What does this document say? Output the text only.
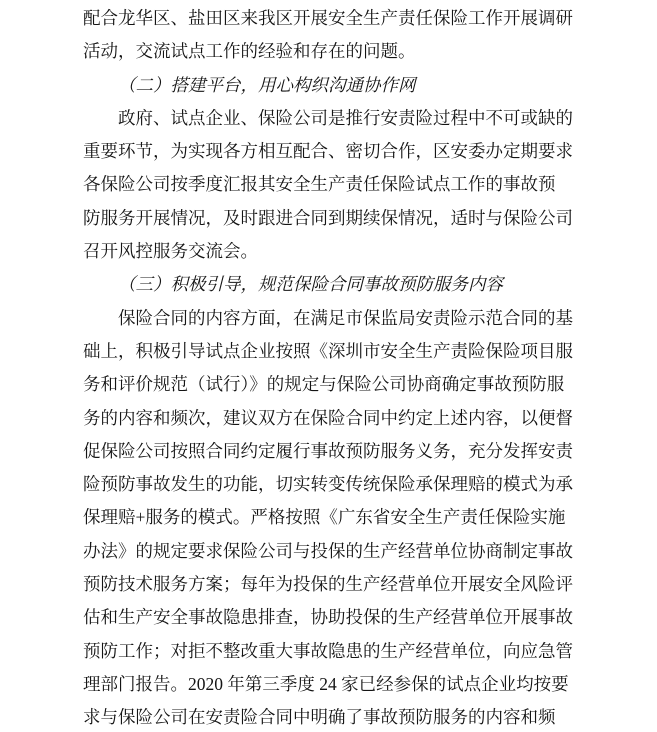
配合龙华区、盐田区来我区开展安全生产责任保险工作开展调研
活动，交流试点工作的经验和存在的问题。
（二）搭建平台，用心构织沟通协作网
政府、试点企业、保险公司是推行安责险过程中不可或缺的
重要环节，为实现各方相互配合、密切合作，区安委办定期要求
各保险公司按季度汇报其安全生产责任保险试点工作的事故预
防服务开展情况，及时跟进合同到期续保情况，适时与保险公司
召开风控服务交流会。
（三）积极引导，规范保险合同事故预防服务内容
保险合同的内容方面，在满足市保监局安责险示范合同的基
础上，积极引导试点企业按照《深圳市安全生产责险保险项目服
务和评价规范（试行）》的规定与保险公司协商确定事故预防服
务的内容和频次，建议双方在保险合同中约定上述内容，以便督
促保险公司按照合同约定履行事故预防服务义务，充分发挥安责
险预防事故发生的功能，切实转变传统保险承保理赔的模式为承
保理赔+服务的模式。严格按照《广东省安全生产责任保险实施
办法》的规定要求保险公司与投保的生产经营单位协商制定事故
预防技术服务方案；每年为投保的生产经营单位开展安全风险评
估和生产安全事故隐患排查，协助投保的生产经营单位开展事故
预防工作；对拒不整改重大事故隐患的生产经营单位，向应急管
理部门报告。2020 年第三季度 24 家已经参保的试点企业均按要
求与保险公司在安责险合同中明确了事故预防服务的内容和频
